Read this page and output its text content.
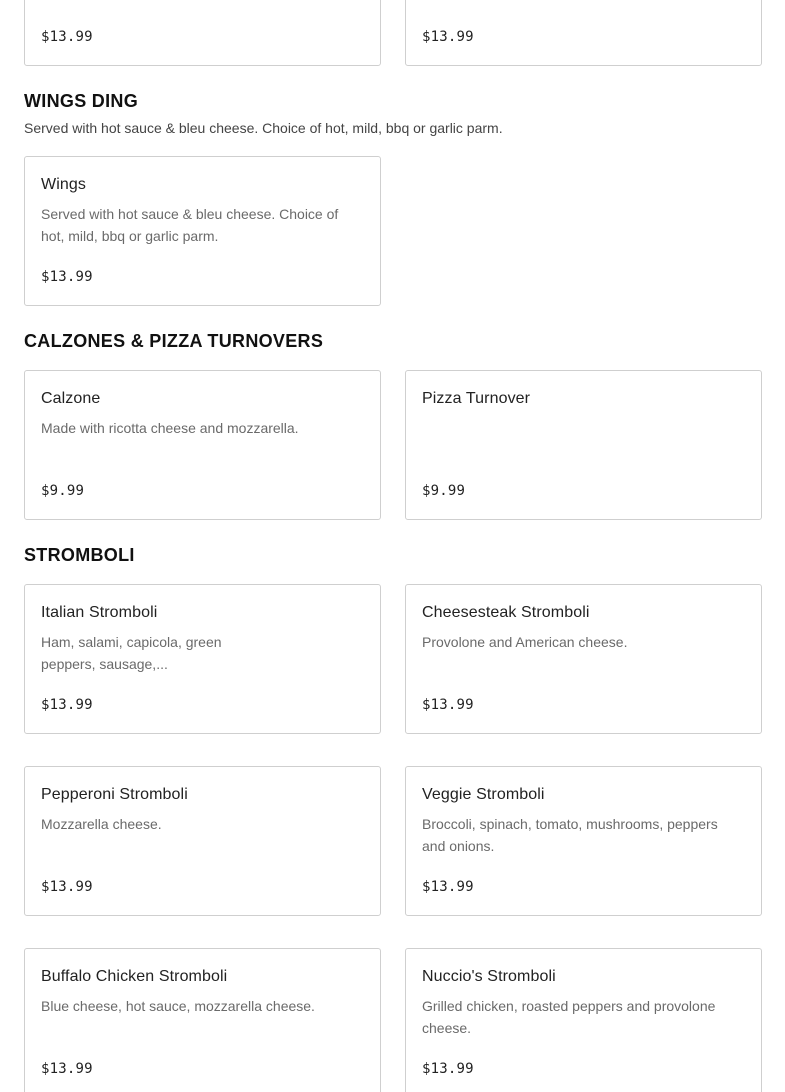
$13.99	$13.99
WINGS DING
Served with hot sauce & bleu cheese. Choice of hot, mild, bbq or garlic parm.
Wings
Served with hot sauce & bleu cheese. Choice of hot, mild, bbq or garlic parm.
$13.99
CALZONES & PIZZA TURNOVERS
Calzone
Made with ricotta cheese and mozzarella.
$9.99
Pizza Turnover
$9.99
STROMBOLI
Italian Stromboli
Ham, salami, capicola, green peppers, sausage,...
$13.99
Cheesesteak Stromboli
Provolone and American cheese.
$13.99
Pepperoni Stromboli
Mozzarella cheese.
$13.99
Veggie Stromboli
Broccoli, spinach, tomato, mushrooms, peppers and onions.
$13.99
Buffalo Chicken Stromboli
Blue cheese, hot sauce, mozzarella cheese.
$13.99
Nuccio's Stromboli
Grilled chicken, roasted peppers and provolone cheese.
$13.99
